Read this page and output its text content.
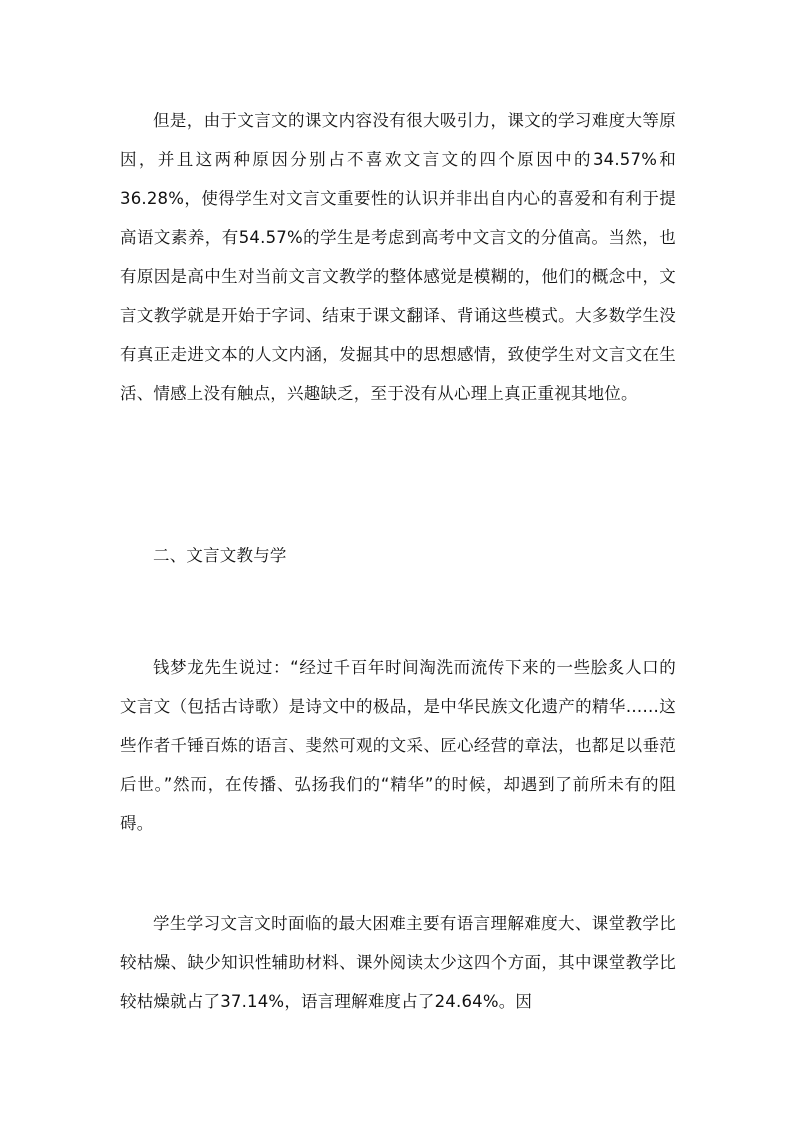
但是，由于文言文的课文内容没有很大吸引力，课文的学习难度大等原因，并且这两种原因分别占不喜欢文言文的四个原因中的34.57%和36.28%，使得学生对文言文重要性的认识并非出自内心的喜爱和有利于提高语文素养，有54.57%的学生是考虑到高考中文言文的分值高。当然，也有原因是高中生对当前文言文教学的整体感觉是模糊的，他们的概念中，文言文教学就是开始于字词、结束于课文翻译、背诵这些模式。大多数学生没有真正走进文本的人文内涵，发掘其中的思想感情，致使学生对文言文在生活、情感上没有触点，兴趣缺乏，至于没有从心理上真正重视其地位。

二、文言文教与学

钱梦龙先生说过：“经过千百年时间淘洗而流传下来的一些脍炙人口的文言文（包括古诗歌）是诗文中的极品，是中华民族文化遗产的精华……这些作者千锤百炼的语言、斐然可观的文采、匠心经营的章法，也都足以垂范后世。”然而，在传播、弘扬我们的“精华”的时候，却遇到了前所未有的阻碍。

学生学习文言文时面临的最大困难主要有语言理解难度大、课堂教学比较枯燥、缺少知识性辅助材料、课外阅读太少这四个方面，其中课堂教学比较枯燥就占了37.14%，语言理解难度占了24.64%。因
